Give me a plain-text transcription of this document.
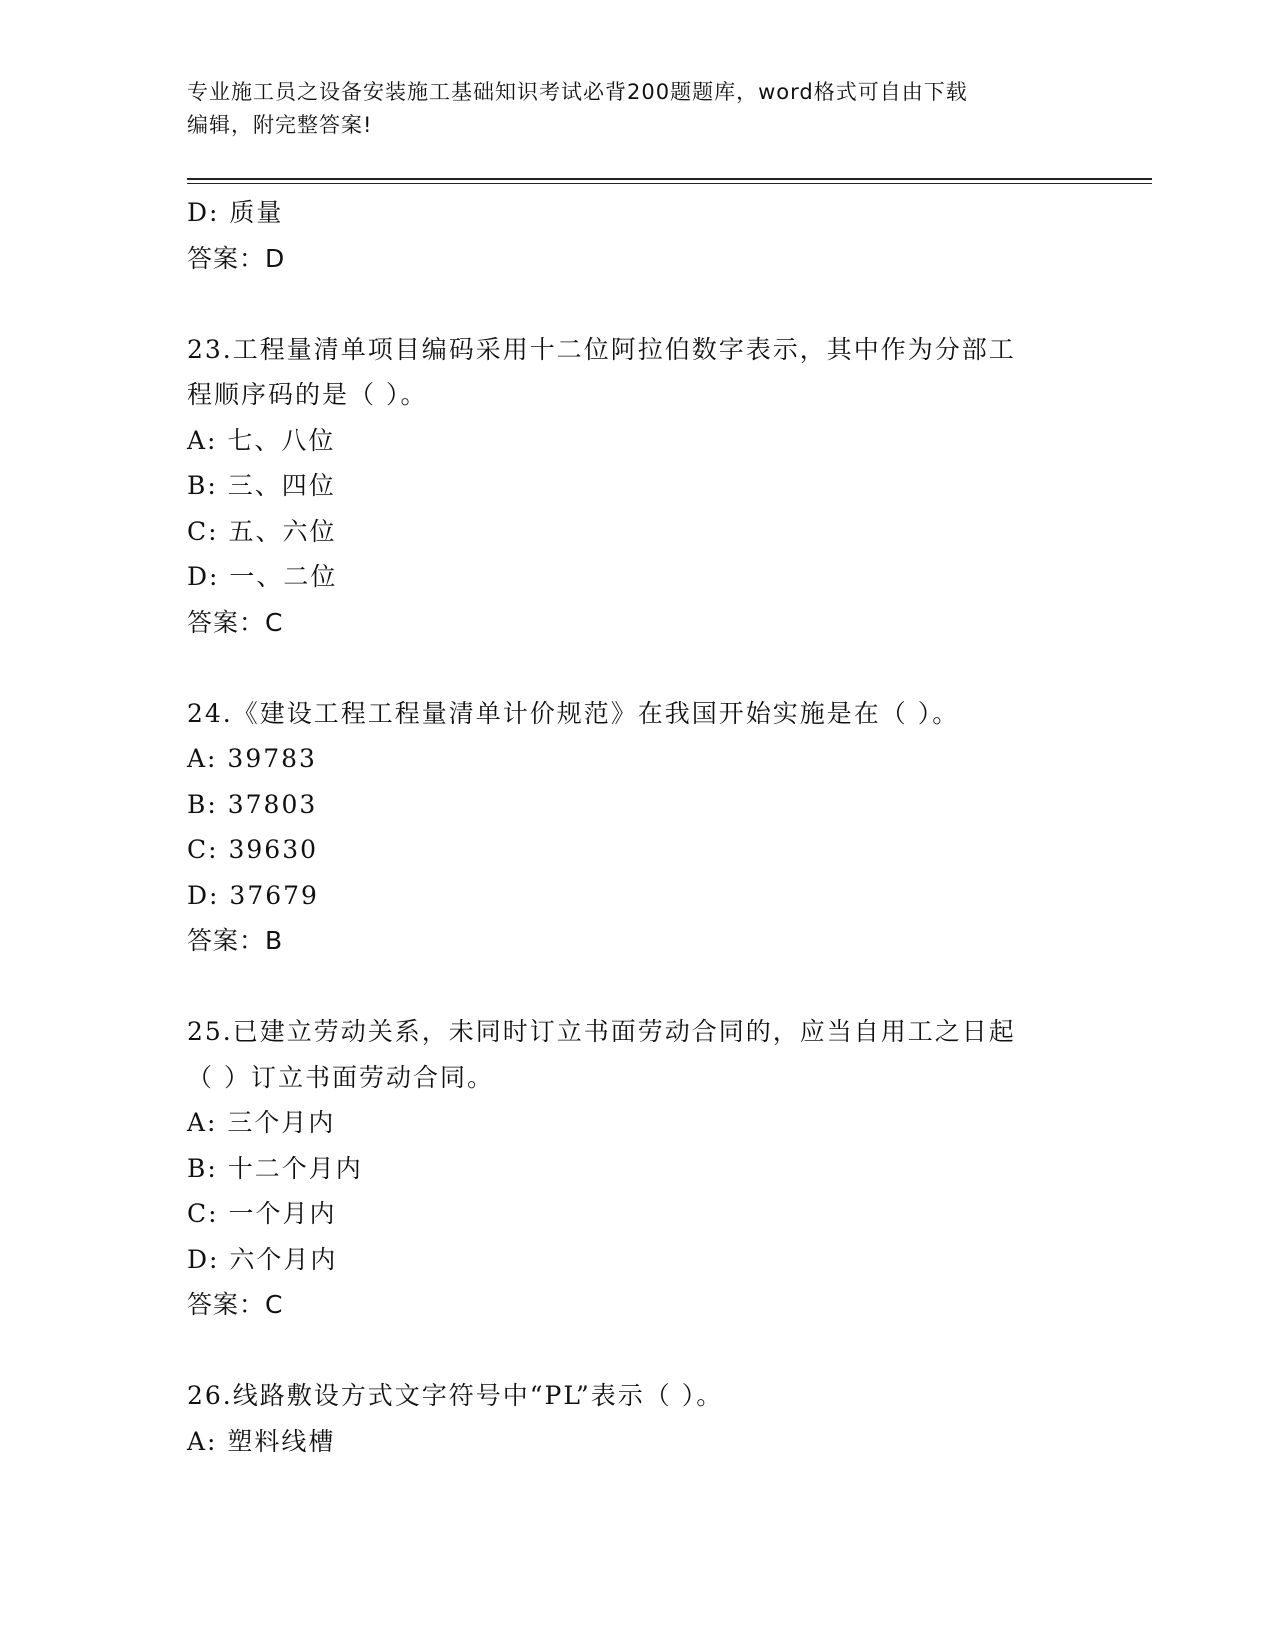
专业施工员之设备安装施工基础知识考试必背200题题库，word格式可自由下载
编辑，附完整答案!
D: 质量
答案：D
23.工程量清单项目编码采用十二位阿拉伯数字表示，其中作为分部工
程顺序码的是（ ）。
A: 七、八位
B: 三、四位
C: 五、六位
D: 一、二位
答案：C
24.《建设工程工程量清单计价规范》在我国开始实施是在（ ）。
A: 39783
B: 37803
C: 39630
D: 37679
答案：B
25.已建立劳动关系，未同时订立书面劳动合同的，应当自用工之日起
（ ）订立书面劳动合同。
A: 三个月内
B: 十二个月内
C: 一个月内
D: 六个月内
答案：C
26.线路敷设方式文字符号中“PL”表示（ ）。
A: 塑料线槽
